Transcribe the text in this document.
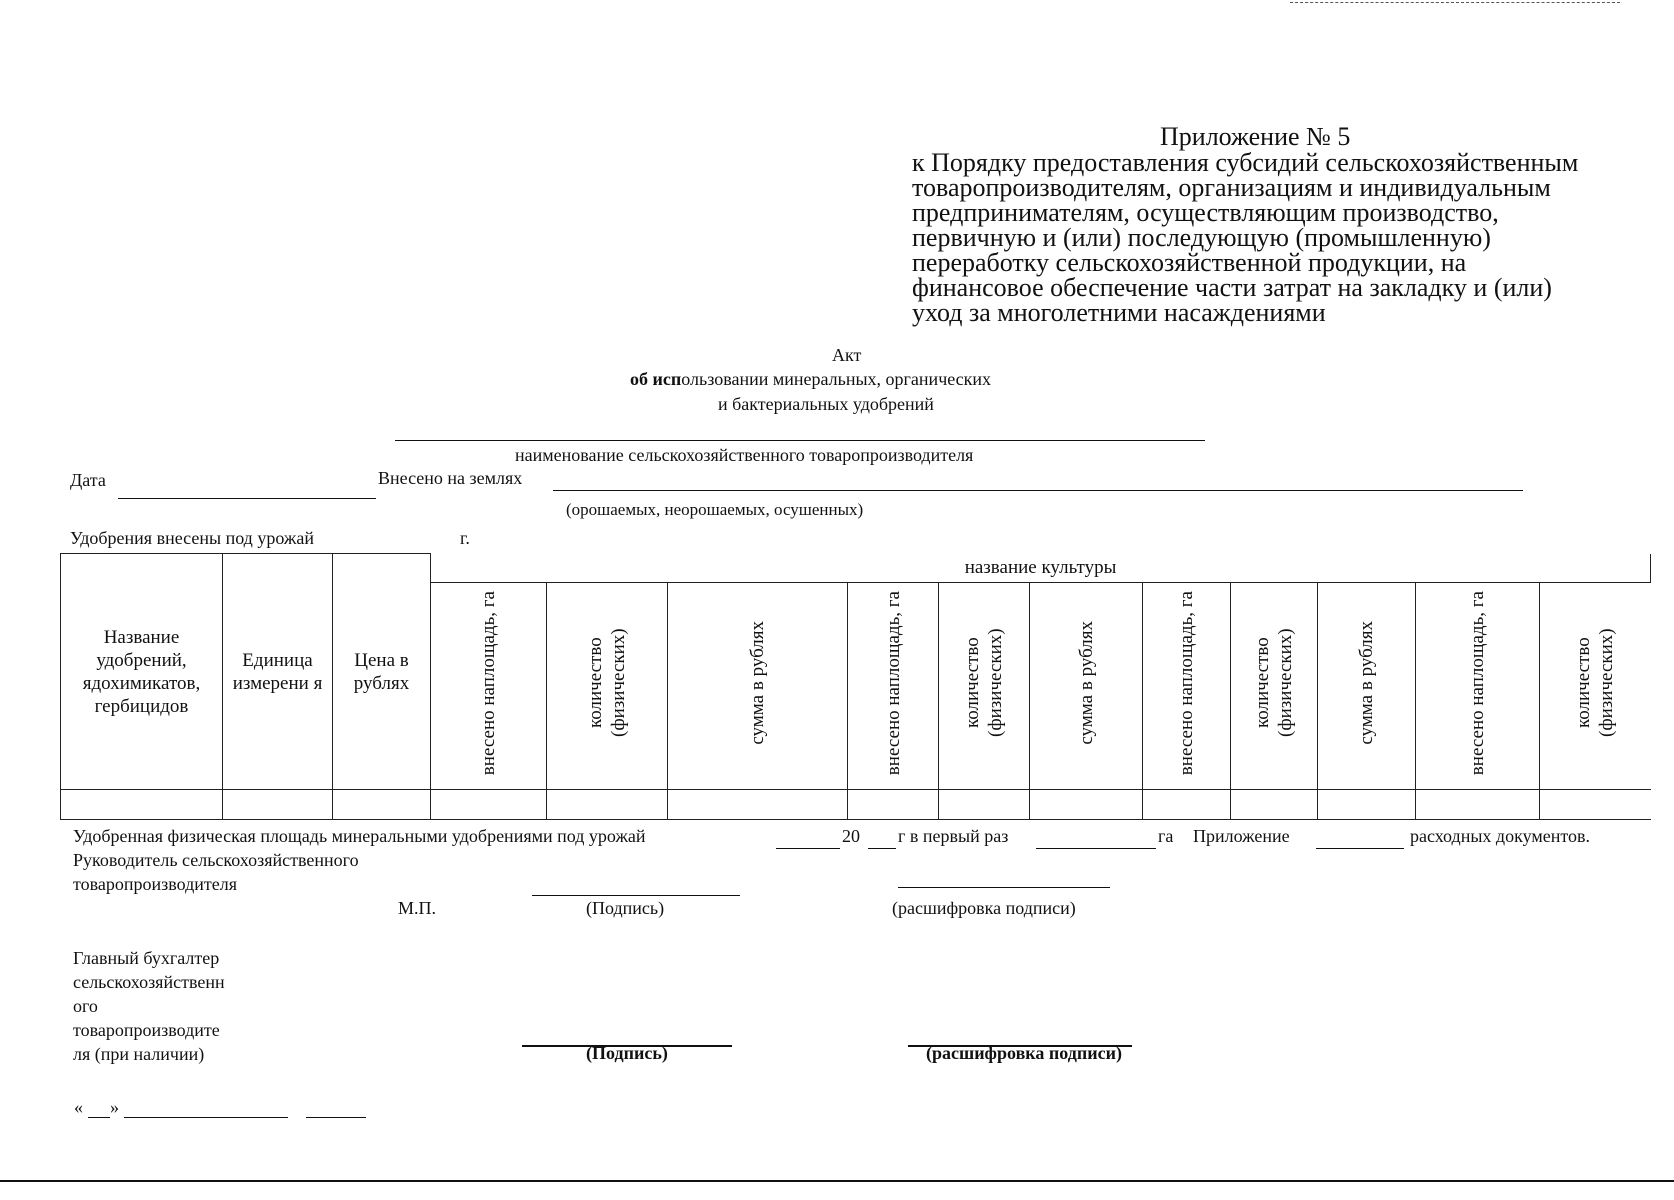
Приложение № 5
к Порядку предоставления субсидий сельскохозяйственным
товаропроизводителям, организациям и индивидуальным
предпринимателям, осуществляющим производство,
первичную и (или) последующую (промышленную)
переработку сельскохозяйственной продукции, на
финансовое обеспечение части затрат на закладку и (или)
уход за многолетними насаждениями
Акт
об использовании минеральных, органических
и бактериальных удобрений
наименование сельскохозяйственного товаропроизводителя
Дата	Внесено на землях
(орошаемых, неорошаемых, осушенных)
Удобрения внесены под урожай	г.
Название удобрений, ядохимикатов, гербицидов	Единица измерени я	Цена в рублях	название культуры										
			внесено наплощадь, га	количество (физических)	сумма в рублях	внесено наплощадь, га	количество (физических)	сумма в рублях	внесено наплощадь, га	количество (физических)	сумма в рублях	внесено наплощадь, га	количество (физических)

Удобренная физическая площадь минеральными удобрениями под урожай	20 г в первый раз	га Приложение	расходных документов.
Руководитель сельскохозяйственного
товаропроизводителя
М.П.	(Подпись)	(расшифровка подписи)
Главный бухгалтер
сельскохозяйственн
ого
товаропроизводите
ля (при наличии)	(Подпись)	(расшифровка подписи)
« »
